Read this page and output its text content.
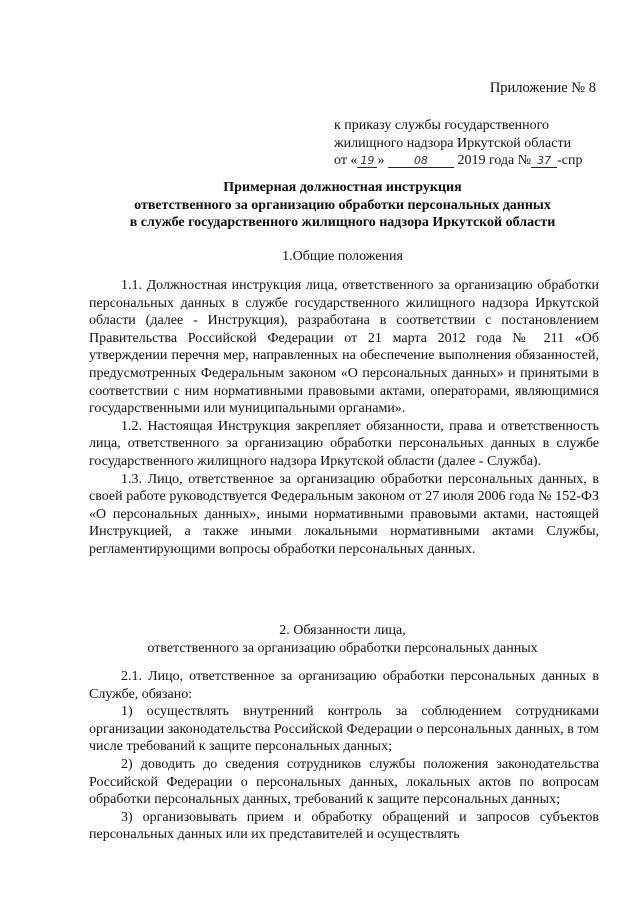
Приложение № 8
к приказу службы государственного
жилищного надзора Иркутской области
от « 19 »	08 2019 года № 37 -спр
Примерная должностная инструкция
ответственного за организацию обработки персональных данных
в службе государственного жилищного надзора Иркутской области
1.Общие положения
1.1. Должностная инструкция лица, ответственного за организацию обработки персональных данных в службе государственного жилищного надзора Иркутской области (далее - Инструкция), разработана в соответствии с постановлением Правительства Российской Федерации от 21 марта 2012 года № 211 «Об утверждении перечня мер, направленных на обеспечение выполнения обязанностей, предусмотренных Федеральным законом «О персональных данных» и принятыми в соответствии с ним нормативными правовыми актами, операторами, являющимися государственными или муниципальными органами».
1.2. Настоящая Инструкция закрепляет обязанности, права и ответственность лица, ответственного за организацию обработки персональных данных в службе государственного жилищного надзора Иркутской области (далее - Служба).
1.3. Лицо, ответственное за организацию обработки персональных данных, в своей работе руководствуется Федеральным законом от 27 июля 2006 года № 152-ФЗ «О персональных данных», иными нормативными правовыми актами, настоящей Инструкцией, а также иными локальными нормативными актами Службы, регламентирующими вопросы обработки персональных данных.
2. Обязанности лица,
ответственного за организацию обработки персональных данных
2.1. Лицо, ответственное за организацию обработки персональных данных в Службе, обязано:
1) осуществлять внутренний контроль за соблюдением сотрудниками организации законодательства Российской Федерации о персональных данных, в том числе требований к защите персональных данных;
2) доводить до сведения сотрудников службы положения законодательства Российской Федерации о персональных данных, локальных актов по вопросам обработки персональных данных, требований к защите персональных данных;
3) организовывать прием и обработку обращений и запросов субъектов персональных данных или их представителей и осуществлять
